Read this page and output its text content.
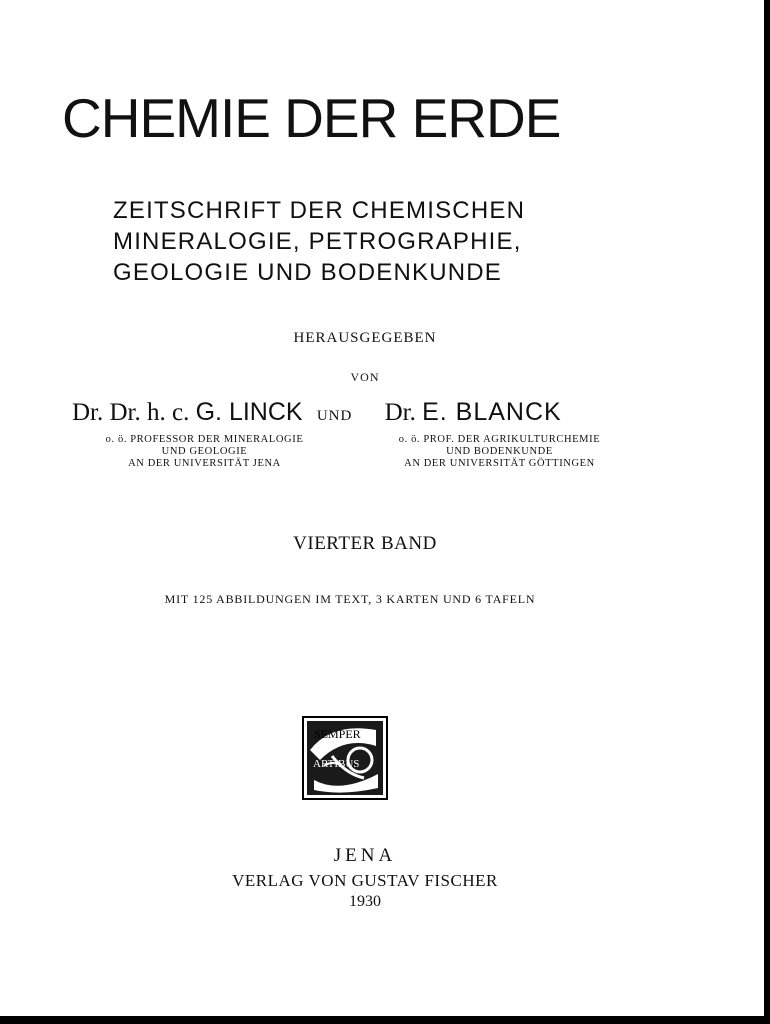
CHEMIE DER ERDE
ZEITSCHRIFT DER CHEMISCHEN
MINERALOGIE, PETROGRAPHIE,
GEOLOGIE UND BODENKUNDE
HERAUSGEGEBEN
VON
Dr. Dr. h. c. G. LINCK UND Dr. E. BLANCK
o. ö. PROFESSOR DER MINERALOGIE
UND GEOLOGIE
AN DER UNIVERSITÄT JENA
o. ö. PROF. DER AGRIKULTURCHEMIE
UND BODENKUNDE
AN DER UNIVERSITÄT GÖTTINGEN
VIERTER BAND
MIT 125 ABBILDUNGEN IM TEXT, 3 KARTEN UND 6 TAFELN
SEMPER
ARTIBUS
JENA
VERLAG VON GUSTAV FISCHER
1930
